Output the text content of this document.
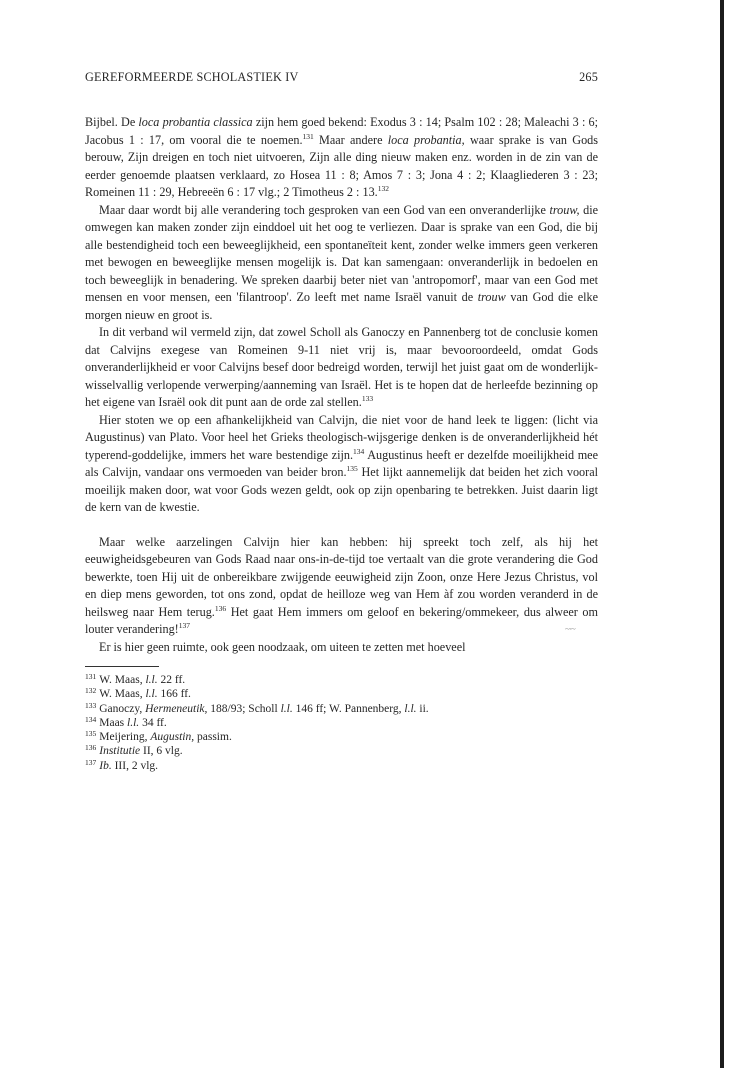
GEREFORMEERDE SCHOLASTIEK IV	265

Bijbel. De loca probantia classica zijn hem goed bekend: Exodus 3 : 14; Psalm 102 : 28; Maleachi 3 : 6; Jacobus 1 : 17, om vooral die te noemen.$^{131}$ Maar andere loca probantia, waar sprake is van Gods berouw, Zijn dreigen en toch niet uitvoeren, Zijn alle ding nieuw maken enz. worden in de zin van de eerder genoemde plaatsen verklaard, zo Hosea 11 : 8; Amos 7 : 3; Jona 4 : 2; Klaagliederen 3 : 23; Romeinen 11 : 29, Hebreeën 6 : 17 vlg.; 2 Timotheus 2 : 13.$^{132}$

Maar daar wordt bij alle verandering toch gesproken van een God van een onveranderlijke trouw, die omwegen kan maken zonder zijn einddoel uit het oog te verliezen. Daar is sprake van een God, die bij alle bestendigheid toch een beweeglijkheid, een spontaneïteit kent, zonder welke immers geen verkeren met bewogen en beweeglijke mensen mogelijk is. Dat kan samengaan: onveranderlijk in bedoelen en toch beweeglijk in benadering. We spreken daarbij beter niet van 'antropomorf', maar van een God met mensen en voor mensen, een 'filantroop'. Zo leeft met name Israël vanuit de trouw van God die elke morgen nieuw en groot is.

In dit verband wil vermeld zijn, dat zowel Scholl als Ganoczy en Pannenberg tot de conclusie komen dat Calvijns exegese van Romeinen 9-11 niet vrij is, maar bevooroordeeld, omdat Gods onveranderlijkheid er voor Calvijns besef door bedreigd worden, terwijl het juist gaat om de wonderlijk-wisselvallig verlopende verwerping/aanneming van Israël. Het is te hopen dat de herleefde bezinning op het eigene van Israël ook dit punt aan de orde zal stellen.$^{133}$

Hier stoten we op een afhankelijkheid van Calvijn, die niet voor de hand leek te liggen: (licht via Augustinus) van Plato. Voor heel het Grieks theologisch-wijsgerige denken is de onveranderlijkheid hét typerend-goddelijke, immers het ware bestendige zijn.$^{134}$ Augustinus heeft er dezelfde moeilijkheid mee als Calvijn, vandaar ons vermoeden van beider bron.$^{135}$ Het lijkt aannemelijk dat beiden het zich vooral moeilijk maken door, wat voor Gods wezen geldt, ook op zijn openbaring te betrekken. Juist daarin ligt de kern van de kwestie.

Maar welke aarzelingen Calvijn hier kan hebben: hij spreekt toch zelf, als hij het eeuwigheidsgebeuren van Gods Raad naar ons-in-de-tijd toe vertaalt van die grote verandering die God bewerkte, toen Hij uit de onbereikbare zwijgende eeuwigheid zijn Zoon, onze Here Jezus Christus, vol en diep mens geworden, tot ons zond, opdat de heilloze weg van Hem àf zou worden veranderd in de heilsweg naar Hem terug.$^{136}$ Het gaat Hem immers om geloof en bekering/ommekeer, dus alweer om louter verandering!$^{137}$

Er is hier geen ruimte, ook geen noodzaak, om uiteen te zetten met hoeveel

$^{131}$ W. Maas, l.l. 22 ff.
$^{132}$ W. Maas, l.l. 166 ff.
$^{133}$ Ganoczy, Hermeneutik, 188/93; Scholl l.l. 146 ff; W. Pannenberg, l.l. ii.
$^{134}$ Maas l.l. 34 ff.
$^{135}$ Meijering, Augustin, passim.
$^{136}$ Institutie II, 6 vlg.
$^{137}$ Ib. III, 2 vlg.
~·~
